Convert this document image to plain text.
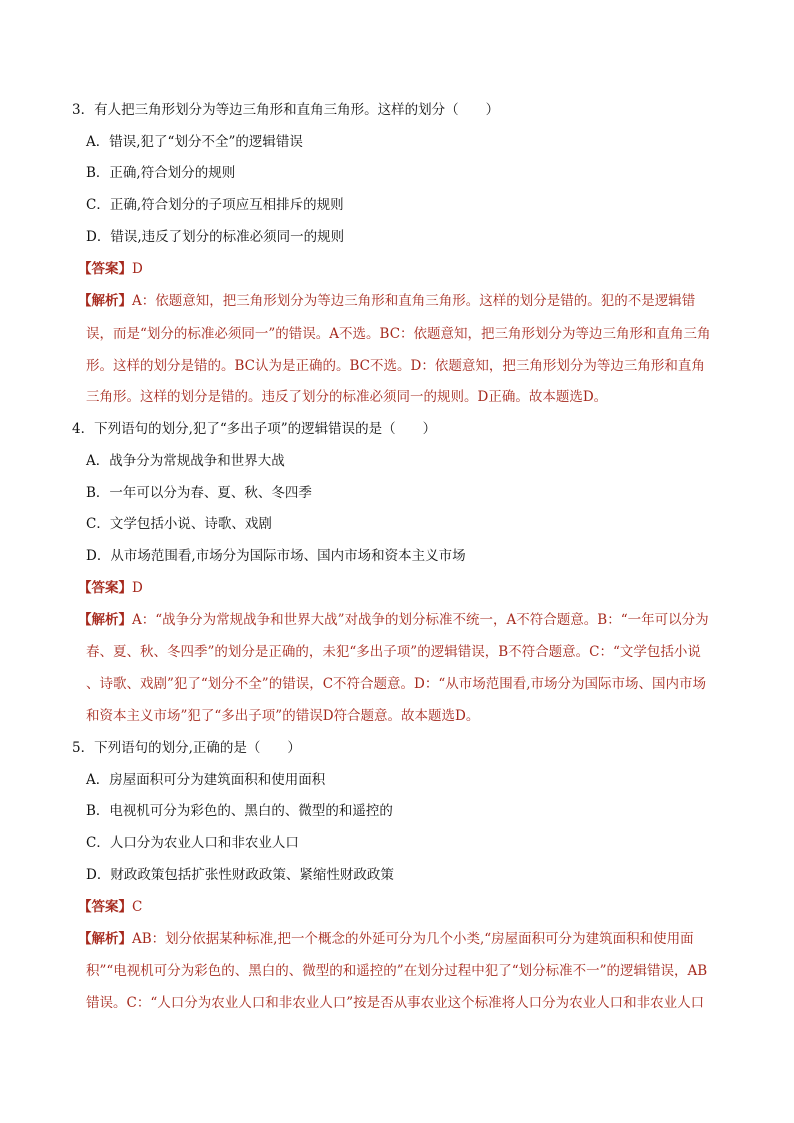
3．有人把三角形划分为等边三角形和直角三角形。这样的划分（　　）
A．错误,犯了“划分不全”的逻辑错误
B．正确,符合划分的规则
C．正确,符合划分的子项应互相排斥的规则
D．错误,违反了划分的标准必须同一的规则
【答案】D
【解析】A：依题意知，把三角形划分为等边三角形和直角三角形。这样的划分是错的。犯的不是逻辑错
误，而是“划分的标准必须同一”的错误。A不选。BC：依题意知，把三角形划分为等边三角形和直角三角
形。这样的划分是错的。BC认为是正确的。BC不选。D：依题意知，把三角形划分为等边三角形和直角
三角形。这样的划分是错的。违反了划分的标准必须同一的规则。D正确。故本题选D。
4．下列语句的划分,犯了“多出子项”的逻辑错误的是（　　）
A．战争分为常规战争和世界大战
B．一年可以分为春、夏、秋、冬四季
C．文学包括小说、诗歌、戏剧
D．从市场范围看,市场分为国际市场、国内市场和资本主义市场
【答案】D
【解析】A：“战争分为常规战争和世界大战”对战争的划分标准不统一，A不符合题意。B：“一年可以分为
春、夏、秋、冬四季”的划分是正确的，未犯“多出子项”的逻辑错误，B不符合题意。C：“文学包括小说
、诗歌、戏剧”犯了“划分不全”的错误，C不符合题意。D：“从市场范围看,市场分为国际市场、国内市场
和资本主义市场”犯了“多出子项”的错误D符合题意。故本题选D。
5．下列语句的划分,正确的是（　　）
A．房屋面积可分为建筑面积和使用面积
B．电视机可分为彩色的、黑白的、微型的和遥控的
C．人口分为农业人口和非农业人口
D．财政政策包括扩张性财政政策、紧缩性财政政策
【答案】C
【解析】AB：划分依据某种标准,把一个概念的外延可分为几个小类,“房屋面积可分为建筑面积和使用面
积”“电视机可分为彩色的、黑白的、微型的和遥控的”在划分过程中犯了“划分标准不一”的逻辑错误，AB
错误。C：“人口分为农业人口和非农业人口”按是否从事农业这个标准将人口分为农业人口和非农业人口
